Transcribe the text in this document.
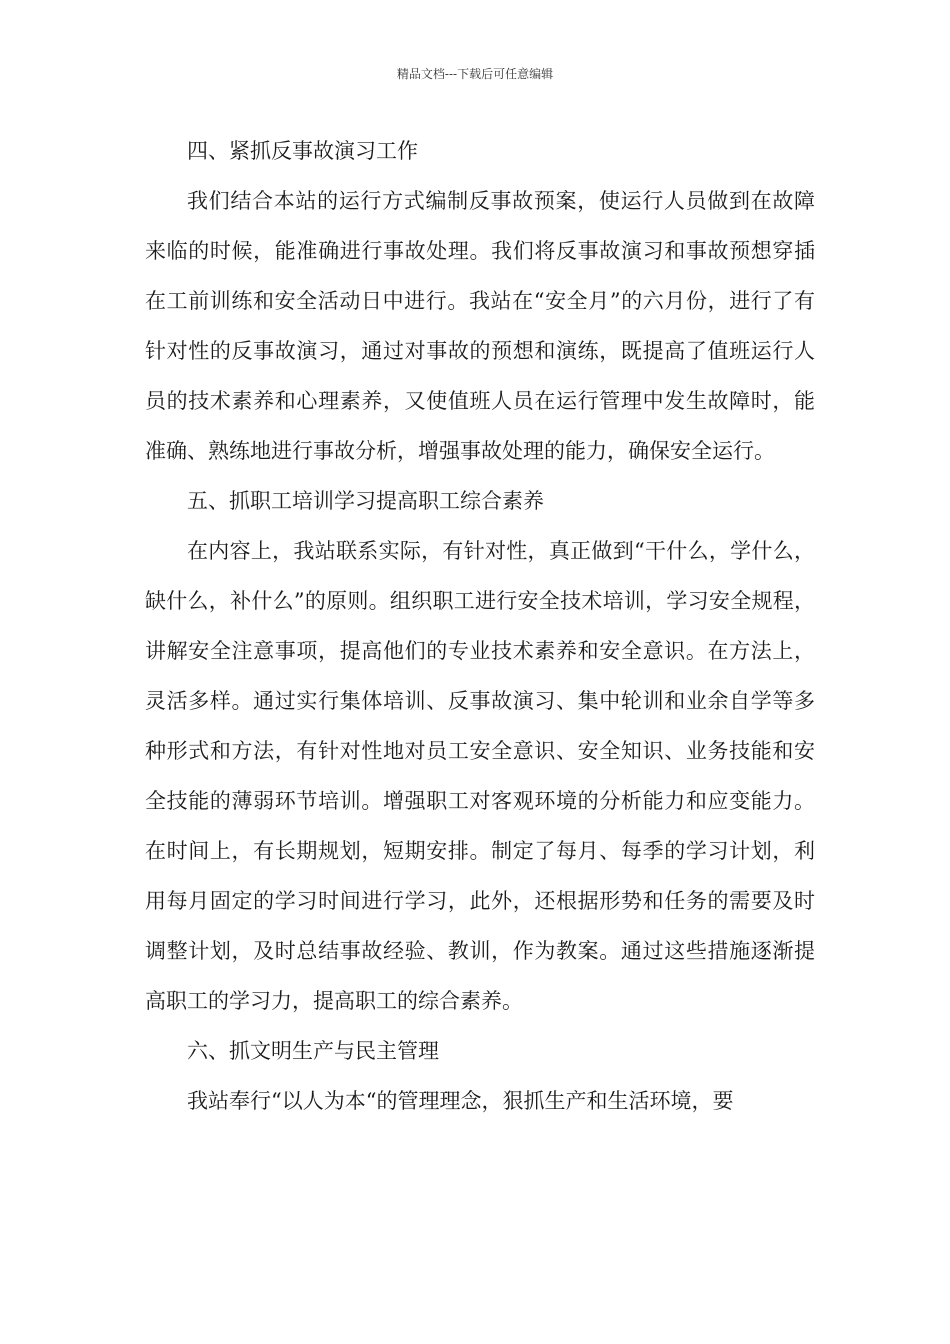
精品文档---下载后可任意编辑

四、紧抓反事故演习工作

我们结合本站的运行方式编制反事故预案，使运行人员做到在故障来临的时候，能准确进行事故处理。我们将反事故演习和事故预想穿插在工前训练和安全活动日中进行。我站在“安全月”的六月份，进行了有针对性的反事故演习，通过对事故的预想和演练，既提高了值班运行人员的技术素养和心理素养，又使值班人员在运行管理中发生故障时，能准确、熟练地进行事故分析，增强事故处理的能力，确保安全运行。

五、抓职工培训学习提高职工综合素养

在内容上，我站联系实际，有针对性，真正做到“干什么，学什么，缺什么，补什么”的原则。组织职工进行安全技术培训，学习安全规程，讲解安全注意事项，提高他们的专业技术素养和安全意识。在方法上，灵活多样。通过实行集体培训、反事故演习、集中轮训和业余自学等多种形式和方法，有针对性地对员工安全意识、安全知识、业务技能和安全技能的薄弱环节培训。增强职工对客观环境的分析能力和应变能力。在时间上，有长期规划，短期安排。制定了每月、每季的学习计划，利用每月固定的学习时间进行学习，此外，还根据形势和任务的需要及时调整计划，及时总结事故经验、教训，作为教案。通过这些措施逐渐提高职工的学习力，提高职工的综合素养。

六、抓文明生产与民主管理

我站奉行“以人为本“的管理理念，狠抓生产和生活环境，要
